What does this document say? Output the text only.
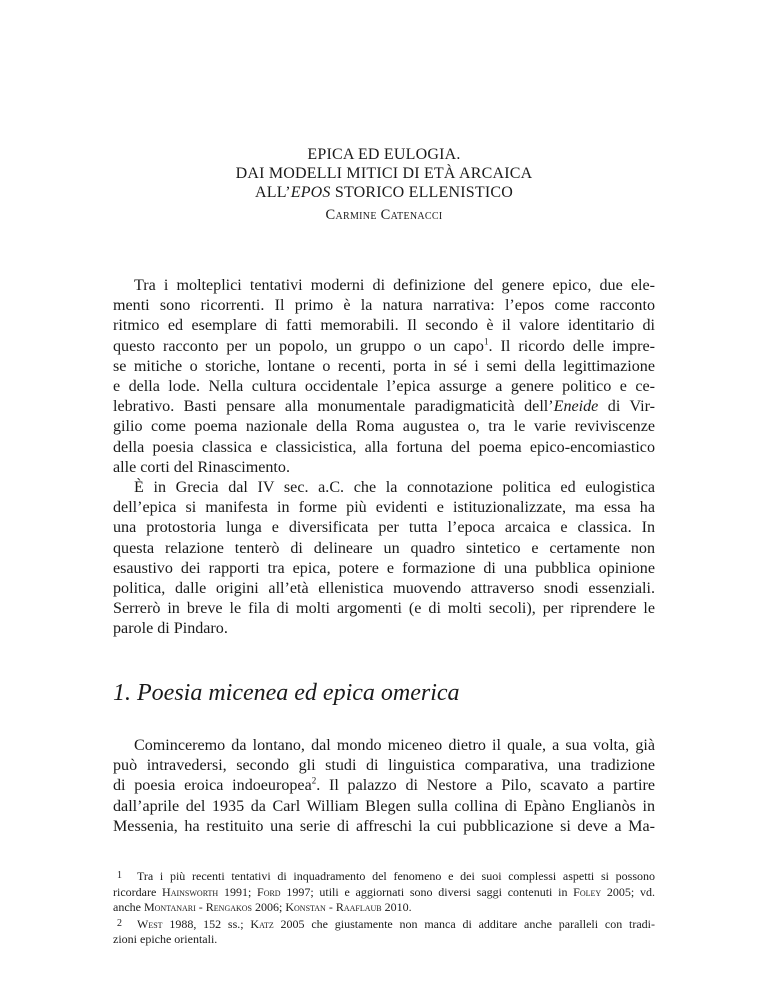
EPICA ED EULOGIA.
DAI MODELLI MITICI DI ETÀ ARCAICA
ALL’EPOS STORICO ELLENISTICO
Carmine Catenacci

Tra i molteplici tentativi moderni di definizione del genere epico, due ele-
menti sono ricorrenti. Il primo è la natura narrativa: l’epos come racconto
ritmico ed esemplare di fatti memorabili. Il secondo è il valore identitario di
questo racconto per un popolo, un gruppo o un capo$^1$. Il ricordo delle impre-
se mitiche o storiche, lontane o recenti, porta in sé i semi della legittimazione
e della lode. Nella cultura occidentale l’epica assurge a genere politico e ce-
lebrativo. Basti pensare alla monumentale paradigmaticità dell’Eneide di Vir-
gilio come poema nazionale della Roma augustea o, tra le varie reviviscenze
della poesia classica e classicistica, alla fortuna del poema epico-encomiastico
alle corti del Rinascimento.

È in Grecia dal IV sec. a.C. che la connotazione politica ed eulogistica
dell’epica si manifesta in forme più evidenti e istituzionalizzate, ma essa ha
una protostoria lunga e diversificata per tutta l’epoca arcaica e classica. In
questa relazione tenterò di delineare un quadro sintetico e certamente non
esaustivo dei rapporti tra epica, potere e formazione di una pubblica opinione
politica, dalle origini all’età ellenistica muovendo attraverso snodi essenziali.
Serrerò in breve le fila di molti argomenti (e di molti secoli), per riprendere le
parole di Pindaro.

1. Poesia micenea ed epica omerica

Cominceremo da lontano, dal mondo miceneo dietro il quale, a sua volta, già
può intravedersi, secondo gli studi di linguistica comparativa, una tradizione
di poesia eroica indoeuropea$^2$. Il palazzo di Nestore a Pilo, scavato a partire
dall’aprile del 1935 da Carl William Blegen sulla collina di Epàno Englianòs in
Messenia, ha restituito una serie di affreschi la cui pubblicazione si deve a Ma-

1 Tra i più recenti tentativi di inquadramento del fenomeno e dei suoi complessi aspetti si possono
ricordare Hainsworth 1991; Ford 1997; utili e aggiornati sono diversi saggi contenuti in Foley 2005; vd.
anche Montanari - Rengakos 2006; Konstan - Raaflaub 2010.
2 West 1988, 152 ss.; Katz 2005 che giustamente non manca di additare anche paralleli con tradi-
zioni epiche orientali.
